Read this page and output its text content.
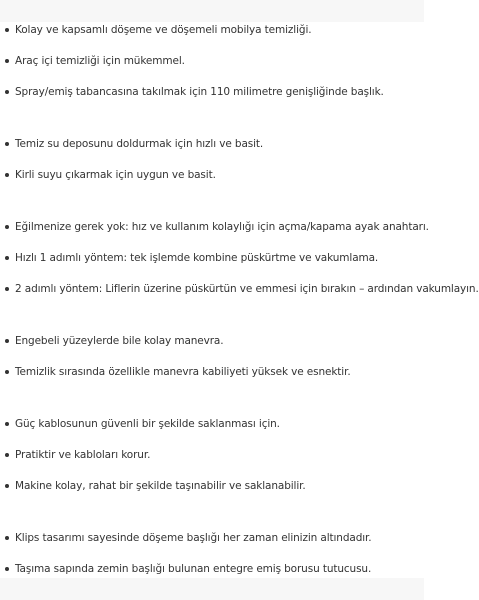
Kolay ve kapsamlı döşeme ve döşemeli mobilya temizliği.
Araç içi temizliği için mükemmel.
Spray/emiş tabancasına takılmak için 110 milimetre genişliğinde başlık.
Temiz su deposunu doldurmak için hızlı ve basit.
Kirli suyu çıkarmak için uygun ve basit.
Eğilmenize gerek yok: hız ve kullanım kolaylığı için açma/kapama ayak anahtarı.
Hızlı 1 adımlı yöntem: tek işlemde kombine püskürtme ve vakumlama.
2 adımlı yöntem: Liflerin üzerine püskürtün ve emmesi için bırakın – ardından vakumlayın.
Engebeli yüzeylerde bile kolay manevra.
Temizlik sırasında özellikle manevra kabiliyeti yüksek ve esnektir.
Güç kablosunun güvenli bir şekilde saklanması için.
Pratiktir ve kabloları korur.
Makine kolay, rahat bir şekilde taşınabilir ve saklanabilir.
Klips tasarımı sayesinde döşeme başlığı her zaman elinizin altındadır.
Taşıma sapında zemin başlığı bulunan entegre emiş borusu tutucusu.
